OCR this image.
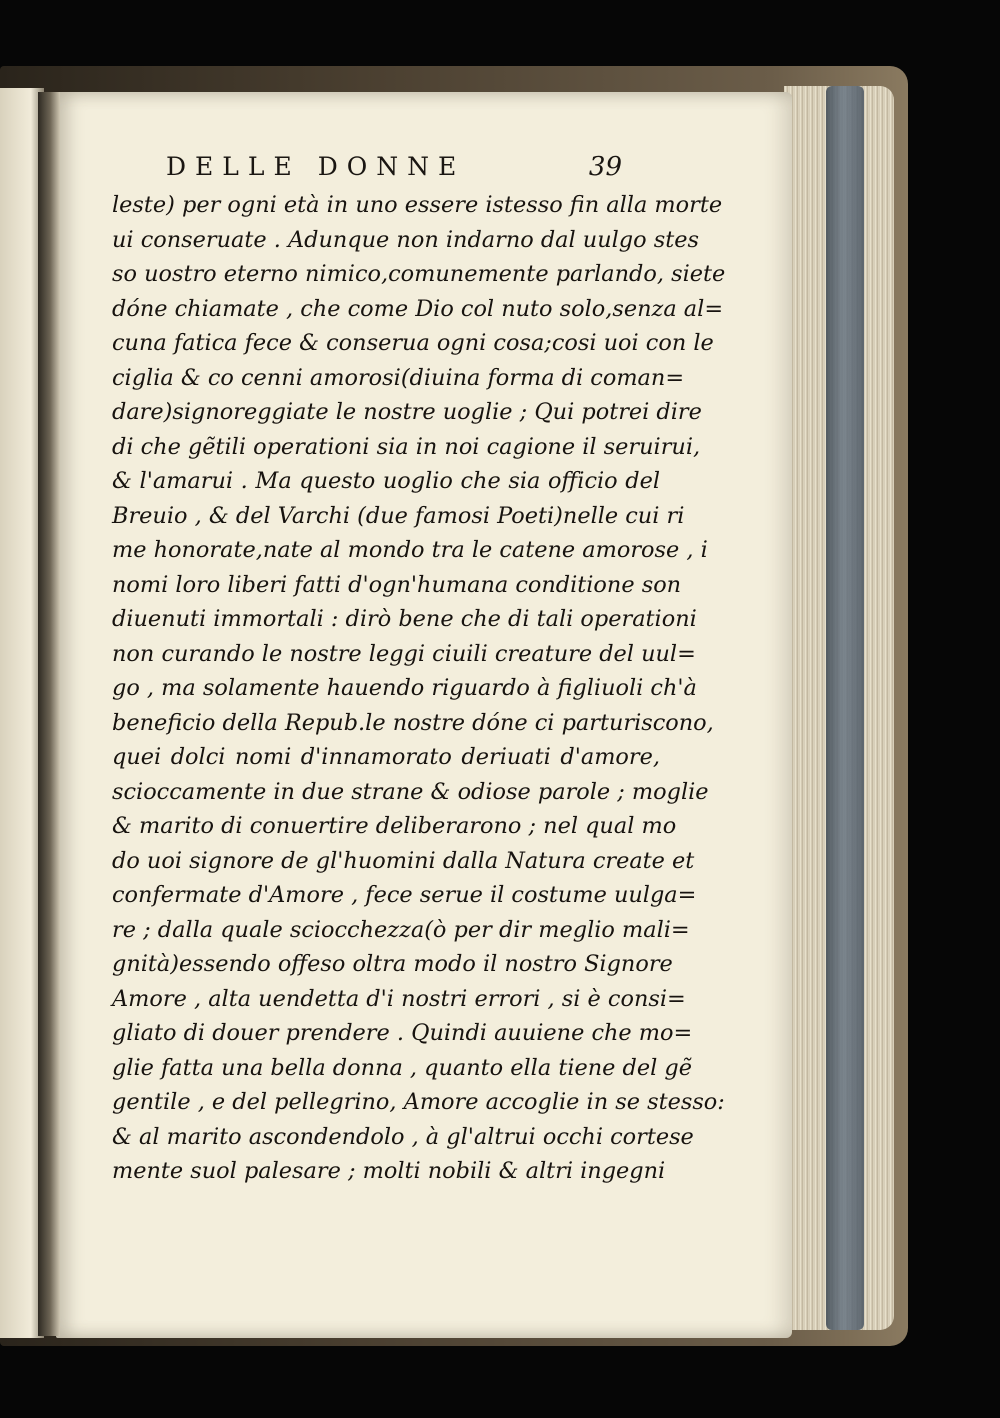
DELLE DONNE	39
leste) per ogni età in uno essere istesso fin alla morte
ui conseruate . Adunque non indarno dal uulgo stes
so uostro eterno nimico,comunemente parlando, siete
dóne chiamate , che come Dio col nuto solo,senza al=
cuna fatica fece & conserua ogni cosa;cosi uoi con le
ciglia & co cenni amorosi(diuina forma di coman=
dare)signoreggiate le nostre uoglie ; Qui potrei dire
di che gẽtili operationi sia in noi cagione il seruirui,
& l'amarui . Ma questo uoglio che sia officio del
Breuio , & del Varchi (due famosi Poeti)nelle cui ri
me honorate,nate al mondo tra le catene amorose , i
nomi loro liberi fatti d'ogn'humana conditione son
diuenuti immortali : dirò bene che di tali operationi
non curando le nostre leggi ciuili creature del uul=
go , ma solamente hauendo riguardo à figliuoli ch'à
beneficio della Repub.le nostre dóne ci parturiscono,
quei dolci nomi d'innamorato deriuati d'amore,
scioccamente in due strane & odiose parole ; moglie
& marito di conuertire deliberarono ; nel qual mo
do uoi signore de gl'huomini dalla Natura create et
confermate d'Amore , fece serue il costume uulga=
re ; dalla quale sciocchezza(ò per dir meglio mali=
gnità)essendo offeso oltra modo il nostro Signore
Amore , alta uendetta d'i nostri errori , si è consi=
gliato di douer prendere . Quindi auuiene che mo=
glie fatta una bella donna , quanto ella tiene del gẽ
gentile , e del pellegrino, Amore accoglie in se stesso:
& al marito ascondendolo , à gl'altrui occhi cortese
mente suol palesare ; molti nobili & altri ingegni
